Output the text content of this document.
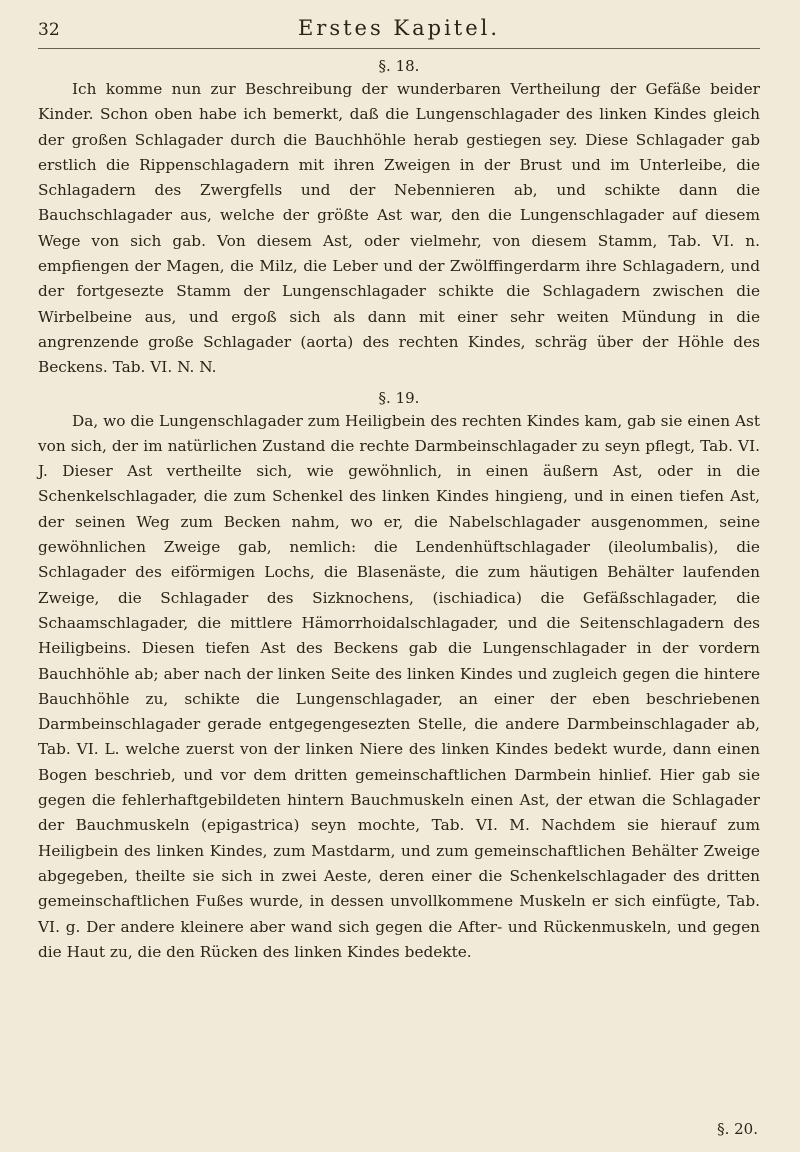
32	Erstes Kapitel.
§. 18.

Ich komme nun zur Beschreibung der wunderbaren Vertheilung der Gefäße beider Kinder. Schon oben habe ich bemerkt, daß die Lungenschlagader des linken Kindes gleich der großen Schlagader durch die Bauchhöhle herab gestiegen sey. Diese Schlagader gab erstlich die Rippenschlagadern mit ihren Zweigen in der Brust und im Unterleibe, die Schlagadern des Zwergfells und der Nebennieren ab, und schikte dann die Bauchschlagader aus, welche der größte Ast war, den die Lungenschlagader auf diesem Wege von sich gab. Von diesem Ast, oder vielmehr, von diesem Stamm, Tab. VI. n. empfiengen der Magen, die Milz, die Leber und der Zwölffingerdarm ihre Schlagadern, und der fortgesezte Stamm der Lungenschlagader schikte die Schlagadern zwischen die Wirbelbeine aus, und ergoß sich als dann mit einer sehr weiten Mündung in die angrenzende große Schlagader (aorta) des rechten Kindes, schräg über der Höhle des Beckens. Tab. VI. N. N.

§. 19.

Da, wo die Lungenschlagader zum Heiligbein des rechten Kindes kam, gab sie einen Ast von sich, der im natürlichen Zustand die rechte Darmbeinschlagader zu seyn pflegt, Tab. VI. J. Dieser Ast vertheilte sich, wie gewöhnlich, in einen äußern Ast, oder in die Schenkelschlagader, die zum Schenkel des linken Kindes hingieng, und in einen tiefen Ast, der seinen Weg zum Becken nahm, wo er, die Nabelschlagader ausgenommen, seine gewöhnlichen Zweige gab, nemlich: die Lendenhüftschlagader (ileolumbalis), die Schlagader des eiförmigen Lochs, die Blasenäste, die zum häutigen Behälter laufenden Zweige, die Schlagader des Sizknochens, (ischiadica) die Gefäßschlagader, die Schaamschlagader, die mittlere Hämorrhoidalschlagader, und die Seitenschlagadern des Heiligbeins. Diesen tiefen Ast des Beckens gab die Lungenschlagader in der vordern Bauchhöhle ab; aber nach der linken Seite des linken Kindes und zugleich gegen die hintere Bauchhöhle zu, schikte die Lungenschlagader, an einer der eben beschriebenen Darmbeinschlagader gerade entgegengesezten Stelle, die andere Darmbeinschlagader ab, Tab. VI. L. welche zuerst von der linken Niere des linken Kindes bedekt wurde, dann einen Bogen beschrieb, und vor dem dritten gemeinschaftlichen Darmbein hinlief. Hier gab sie gegen die fehlerhaftgebildeten hintern Bauchmuskeln einen Ast, der etwan die Schlagader der Bauchmuskeln (epigastrica) seyn mochte, Tab. VI. M. Nachdem sie hierauf zum Heiligbein des linken Kindes, zum Mastdarm, und zum gemeinschaftlichen Behälter Zweige abgegeben, theilte sie sich in zwei Aeste, deren einer die Schenkelschlagader des dritten gemeinschaftlichen Fußes wurde, in dessen unvollkommene Muskeln er sich einfügte, Tab. VI. g. Der andere kleinere aber wand sich gegen die After- und Rückenmuskeln, und gegen die Haut zu, die den Rücken des linken Kindes bedekte.

§. 20.
